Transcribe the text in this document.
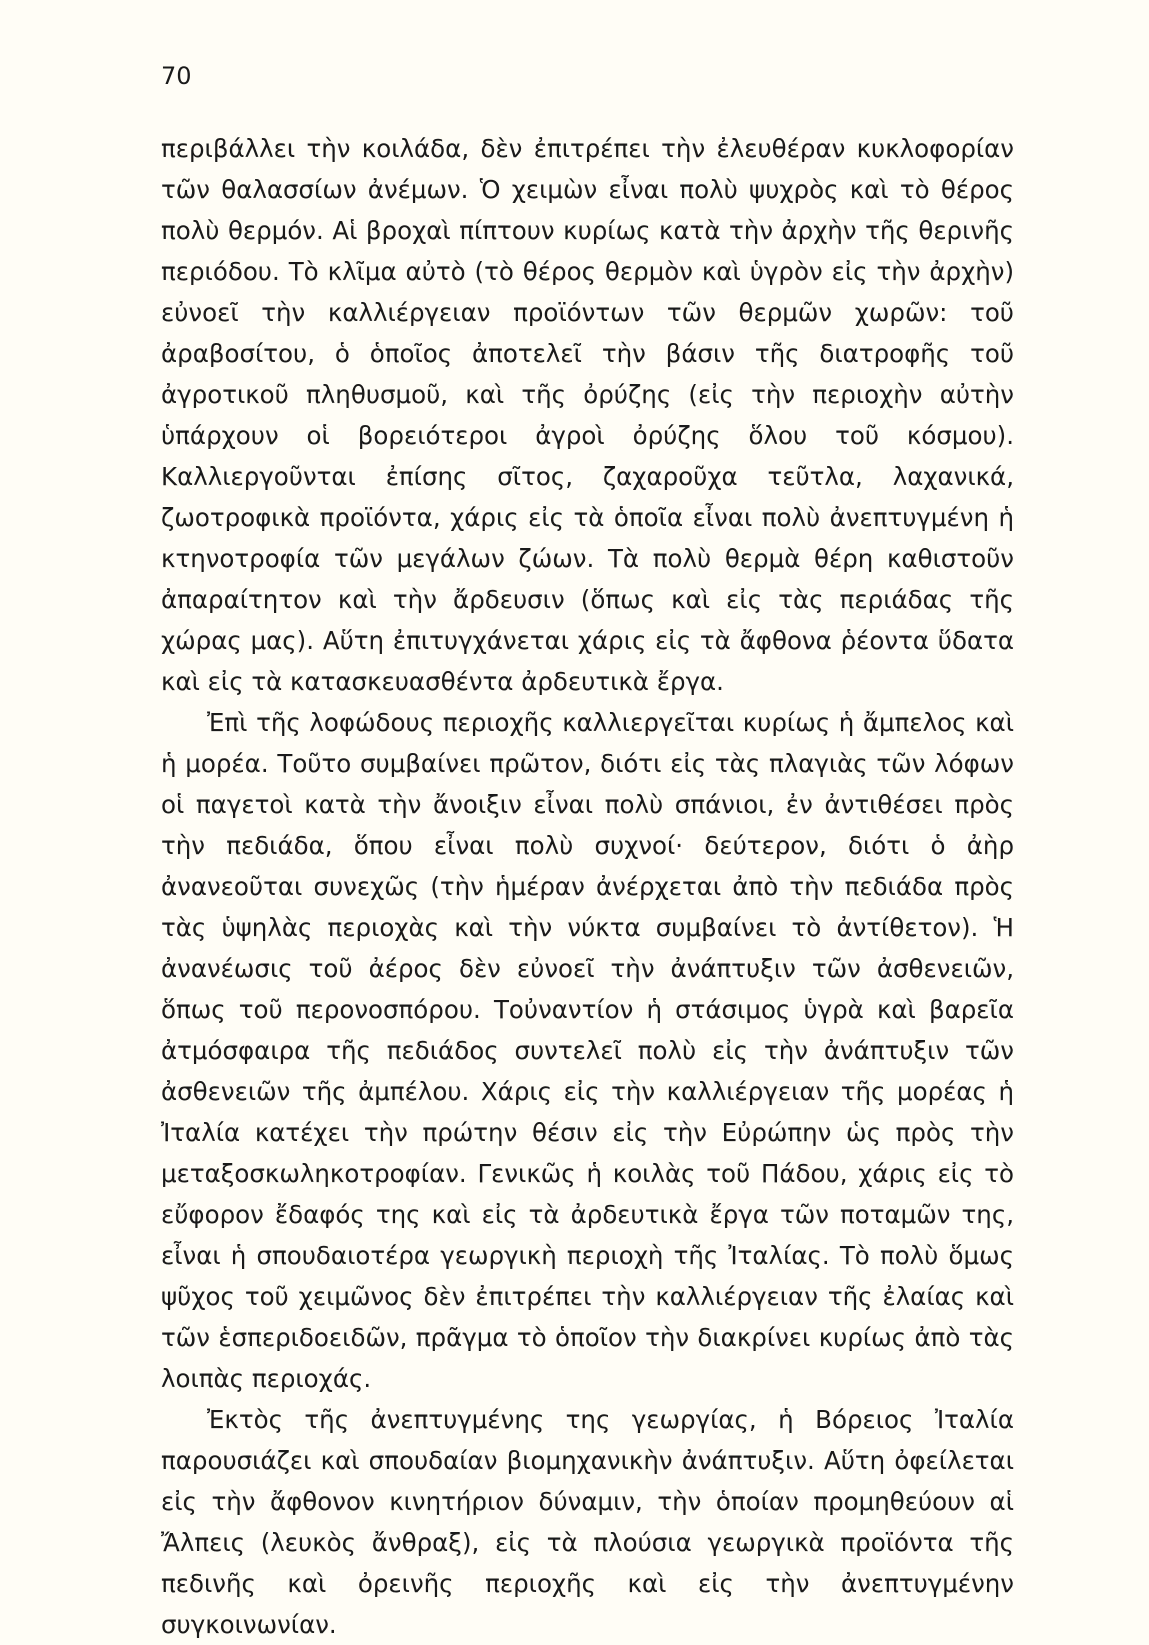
70

περιβάλλει τὴν κοιλάδα, δὲν ἐπιτρέπει τὴν ἐλευθέραν κυκλοφορίαν τῶν θαλασσίων ἀνέμων. Ὁ χειμὼν εἶναι πολὺ ψυχρὸς καὶ τὸ θέρος πολὺ θερμόν. Αἱ βροχαὶ πίπτουν κυρίως κατὰ τὴν ἀρχὴν τῆς θερινῆς περιόδου. Τὸ κλῖμα αὐτὸ (τὸ θέρος θερμὸν καὶ ὑγρὸν εἰς τὴν ἀρχὴν) εὐνοεῖ τὴν καλλιέργειαν προϊόντων τῶν θερμῶν χωρῶν: τοῦ ἀραβοσίτου, ὁ ὁποῖος ἀποτελεῖ τὴν βάσιν τῆς διατροφῆς τοῦ ἀγροτικοῦ πληθυσμοῦ, καὶ τῆς ὀρύζης (εἰς τὴν περιοχὴν αὐτὴν ὑπάρχουν οἱ βορειότεροι ἀγροὶ ὀρύζης ὅλου τοῦ κόσμου). Καλλιεργοῦνται ἐπίσης σῖτος, ζαχαροῦχα τεῦτλα, λαχανικά, ζωοτροφικὰ προϊόντα, χάρις εἰς τὰ ὁποῖα εἶναι πολὺ ἀνεπτυγμένη ἡ κτηνοτροφία τῶν μεγάλων ζώων. Τὰ πολὺ θερμὰ θέρη καθιστοῦν ἀπαραίτητον καὶ τὴν ἄρδευσιν (ὅπως καὶ εἰς τὰς περιάδας τῆς χώρας μας). Αὕτη ἐπιτυγχάνεται χάρις εἰς τὰ ἄφθονα ῥέοντα ὕδατα καὶ εἰς τὰ κατασκευασθέντα ἀρδευτικὰ ἔργα.

Ἐπὶ τῆς λοφώδους περιοχῆς καλλιεργεῖται κυρίως ἡ ἄμπελος καὶ ἡ μορέα. Τοῦτο συμβαίνει πρῶτον, διότι εἰς τὰς πλαγιὰς τῶν λόφων οἱ παγετοὶ κατὰ τὴν ἄνοιξιν εἶναι πολὺ σπάνιοι, ἐν ἀντιθέσει πρὸς τὴν πεδιάδα, ὅπου εἶναι πολὺ συχνοί· δεύτερον, διότι ὁ ἀὴρ ἀνανεοῦται συνεχῶς (τὴν ἡμέραν ἀνέρχεται ἀπὸ τὴν πεδιάδα πρὸς τὰς ὑψηλὰς περιοχὰς καὶ τὴν νύκτα συμβαίνει τὸ ἀντίθετον). Ἡ ἀνανέωσις τοῦ ἀέρος δὲν εὐνοεῖ τὴν ἀνάπτυξιν τῶν ἀσθενειῶν, ὅπως τοῦ περονοσπόρου. Τοὐναντίον ἡ στάσιμος ὑγρὰ καὶ βαρεῖα ἀτμόσφαιρα τῆς πεδιάδος συντελεῖ πολὺ εἰς τὴν ἀνάπτυξιν τῶν ἀσθενειῶν τῆς ἀμπέλου. Χάρις εἰς τὴν καλλιέργειαν τῆς μορέας ἡ Ἰταλία κατέχει τὴν πρώτην θέσιν εἰς τὴν Εὐρώπην ὡς πρὸς τὴν μεταξοσκωληκοτροφίαν. Γενικῶς ἡ κοιλὰς τοῦ Πάδου, χάρις εἰς τὸ εὔφορον ἔδαφός της καὶ εἰς τὰ ἀρδευτικὰ ἔργα τῶν ποταμῶν της, εἶναι ἡ σπουδαιοτέρα γεωργικὴ περιοχὴ τῆς Ἰταλίας. Τὸ πολὺ ὅμως ψῦχος τοῦ χειμῶνος δὲν ἐπιτρέπει τὴν καλλιέργειαν τῆς ἐλαίας καὶ τῶν ἑσπεριδοειδῶν, πρᾶγμα τὸ ὁποῖον τὴν διακρίνει κυρίως ἀπὸ τὰς λοιπὰς περιοχάς.

Ἐκτὸς τῆς ἀνεπτυγμένης της γεωργίας, ἡ Βόρειος Ἰταλία παρουσιάζει καὶ σπουδαίαν βιομηχανικὴν ἀνάπτυξιν. Αὕτη ὀφείλεται εἰς τὴν ἄφθονον κινητήριον δύναμιν, τὴν ὁποίαν προμηθεύουν αἱ Ἄλπεις (λευκὸς ἄνθραξ), εἰς τὰ πλούσια γεωργικὰ προϊόντα τῆς πεδινῆς καὶ ὀρεινῆς περιοχῆς καὶ εἰς τὴν ἀνεπτυγμένην συγκοινωνίαν.
